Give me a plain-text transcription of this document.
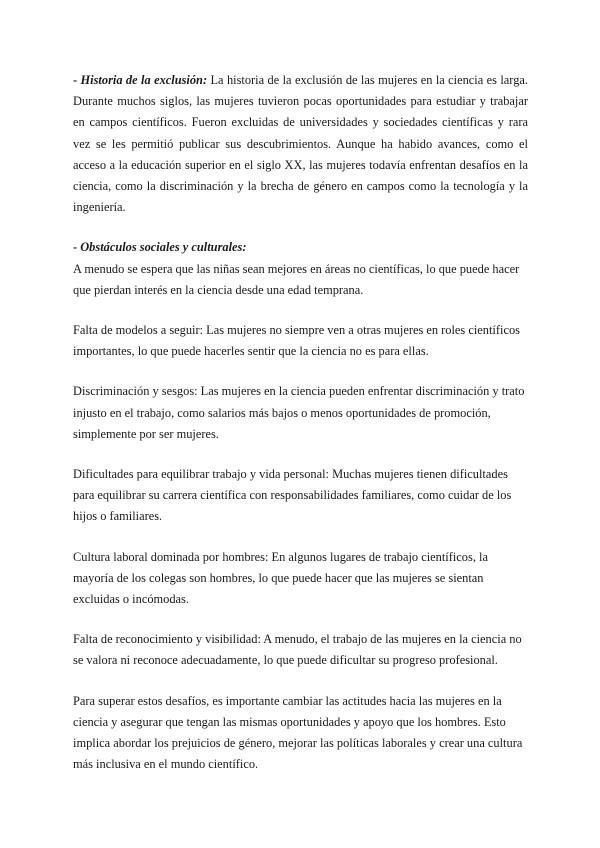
- Historia de la exclusión: La historia de la exclusión de las mujeres en la ciencia es larga. Durante muchos siglos, las mujeres tuvieron pocas oportunidades para estudiar y trabajar en campos científicos. Fueron excluidas de universidades y sociedades científicas y rara vez se les permitió publicar sus descubrimientos. Aunque ha habido avances, como el acceso a la educación superior en el siglo XX, las mujeres todavía enfrentan desafíos en la ciencia, como la discriminación y la brecha de género en campos como la tecnología y la ingeniería.

- Obstáculos sociales y culturales:

A menudo se espera que las niñas sean mejores en áreas no científicas, lo que puede hacer que pierdan interés en la ciencia desde una edad temprana.

Falta de modelos a seguir: Las mujeres no siempre ven a otras mujeres en roles científicos importantes, lo que puede hacerles sentir que la ciencia no es para ellas.

Discriminación y sesgos: Las mujeres en la ciencia pueden enfrentar discriminación y trato injusto en el trabajo, como salarios más bajos o menos oportunidades de promoción, simplemente por ser mujeres.

Dificultades para equilibrar trabajo y vida personal: Muchas mujeres tienen dificultades para equilibrar su carrera científica con responsabilidades familiares, como cuidar de los hijos o familiares.

Cultura laboral dominada por hombres: En algunos lugares de trabajo científicos, la mayoría de los colegas son hombres, lo que puede hacer que las mujeres se sientan excluidas o incómodas.

Falta de reconocimiento y visibilidad: A menudo, el trabajo de las mujeres en la ciencia no se valora ni reconoce adecuadamente, lo que puede dificultar su progreso profesional.

Para superar estos desafíos, es importante cambiar las actitudes hacia las mujeres en la ciencia y asegurar que tengan las mismas oportunidades y apoyo que los hombres. Esto implica abordar los prejuicios de género, mejorar las políticas laborales y crear una cultura más inclusiva en el mundo científico.
